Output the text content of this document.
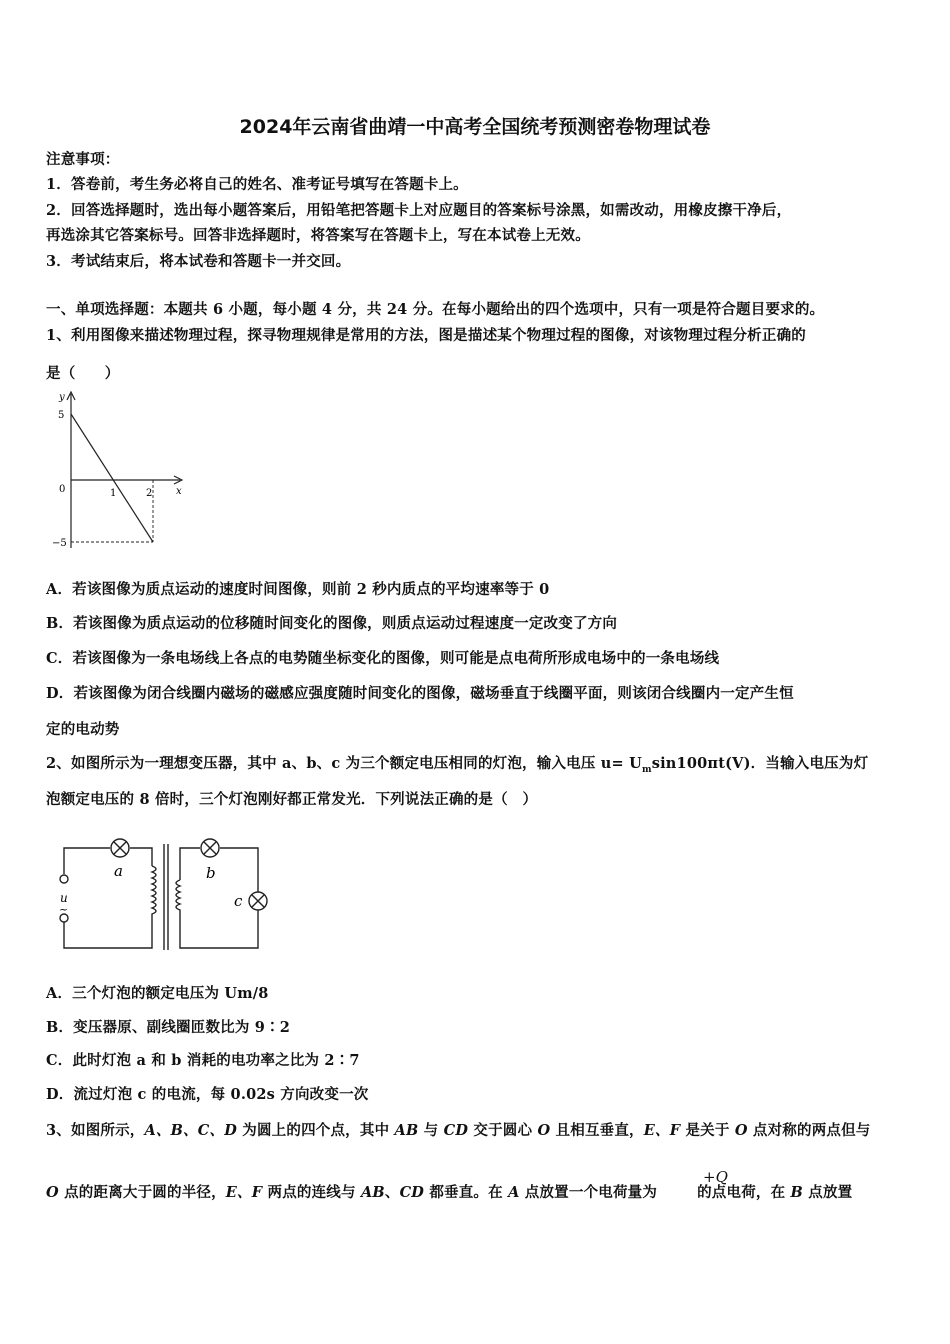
2024年云南省曲靖一中高考全国统考预测密卷物理试卷
注意事项：
1．答卷前，考生务必将自己的姓名、准考证号填写在答题卡上。
2．回答选择题时，选出每小题答案后，用铅笔把答题卡上对应题目的答案标号涂黑，如需改动，用橡皮擦干净后，
再选涂其它答案标号。回答非选择题时，将答案写在答题卡上，写在本试卷上无效。
3．考试结束后，将本试卷和答题卡一并交回。
一、单项选择题：本题共 6 小题，每小题 4 分，共 24 分。在每小题给出的四个选项中，只有一项是符合题目要求的。
1、利用图像来描述物理过程，探寻物理规律是常用的方法，图是描述某个物理过程的图像，对该物理过程分析正确的
是（　　）
y
x
5
0	1	2
−5
A．若该图像为质点运动的速度时间图像，则前 2 秒内质点的平均速率等于 0
B．若该图像为质点运动的位移随时间变化的图像，则质点运动过程速度一定改变了方向
C．若该图像为一条电场线上各点的电势随坐标变化的图像，则可能是点电荷所形成电场中的一条电场线
D．若该图像为闭合线圈内磁场的磁感应强度随时间变化的图像，磁场垂直于线圈平面，则该闭合线圈内一定产生恒
定的电动势
2、如图所示为一理想变压器，其中 a、b、c 为三个额定电压相同的灯泡，输入电压 $u= U_m\sin 100\pi t(V)$．当输入电压为灯
泡额定电压的 8 倍时，三个灯泡刚好都正常发光．下列说法正确的是（　）
a	b
c
u
~
A．三个灯泡的额定电压为 Um/8
B．变压器原、副线圈匝数比为 9∶2
C．此时灯泡 a 和 b 消耗的电功率之比为 2∶7
D．流过灯泡 c 的电流，每 0.02s 方向改变一次
3、如图所示，A、B、C、D 为圆上的四个点，其中 AB 与 CD 交于圆心 O 且相互垂直，E、F 是关于 O 点对称的两点但与
+Q
O 点的距离大于圆的半径，E、F 两点的连线与 AB、CD 都垂直。在 A 点放置一个电荷量为	的点电荷，在 B 点放置
